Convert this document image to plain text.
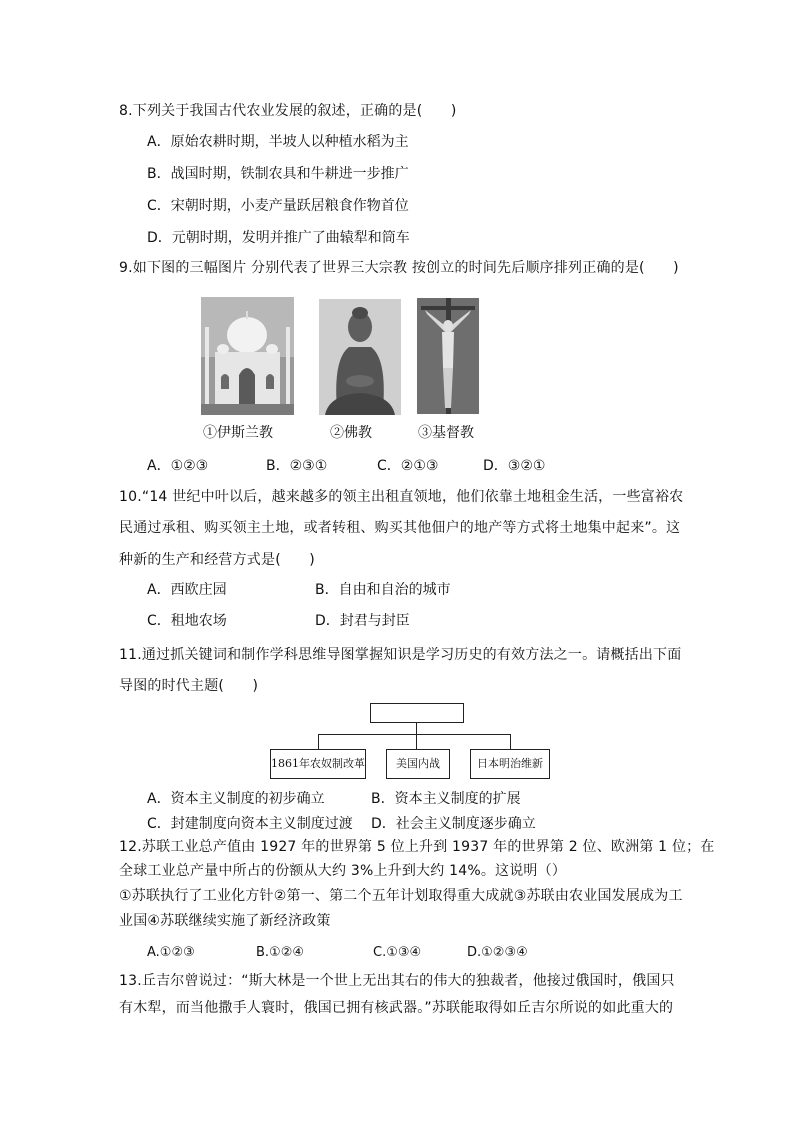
8.下列关于我国古代农业发展的叙述，正确的是(　　)
A．原始农耕时期，半坡人以种植水稻为主
B．战国时期，铁制农具和牛耕进一步推广
C．宋朝时期，小麦产量跃居粮食作物首位
D．元朝时期，发明并推广了曲辕犁和筒车
9.如下图的三幅图片 分别代表了世界三大宗教 按创立的时间先后顺序排列正确的是(　　)
①伊斯兰教	②佛教	③基督教
A．①②③	B．②③①	C．②①③	D．③②①
10.“14 世纪中叶以后，越来越多的领主出租直领地，他们依靠土地租金生活，一些富裕农
民通过承租、购买领主土地，或者转租、购买其他佃户的地产等方式将土地集中起来”。这
种新的生产和经营方式是(　　)
A．西欧庄园	B．自由和自治的城市
C．租地农场	D．封君与封臣
11.通过抓关键词和制作学科思维导图掌握知识是学习历史的有效方法之一。请概括出下面
导图的时代主题(　　)
1861年农奴制改革	美国内战	日本明治维新
A．资本主义制度的初步确立	B．资本主义制度的扩展
C．封建制度向资本主义制度过渡 D．社会主义制度逐步确立
12.苏联工业总产值由 1927 年的世界第 5 位上升到 1937 年的世界第 2 位、欧洲第 1 位；在
全球工业总产量中所占的份额从大约 3%上升到大约 14%。这说明（）
①苏联执行了工业化方针②第一、第二个五年计划取得重大成就③苏联由农业国发展成为工
业国④苏联继续实施了新经济政策
A.①②③	B.①②④	C.①③④	D.①②③④
13.丘吉尔曾说过：“斯大林是一个世上无出其右的伟大的独裁者，他接过俄国时，俄国只
有木犁，而当他撒手人寰时，俄国已拥有核武器。”苏联能取得如丘吉尔所说的如此重大的
